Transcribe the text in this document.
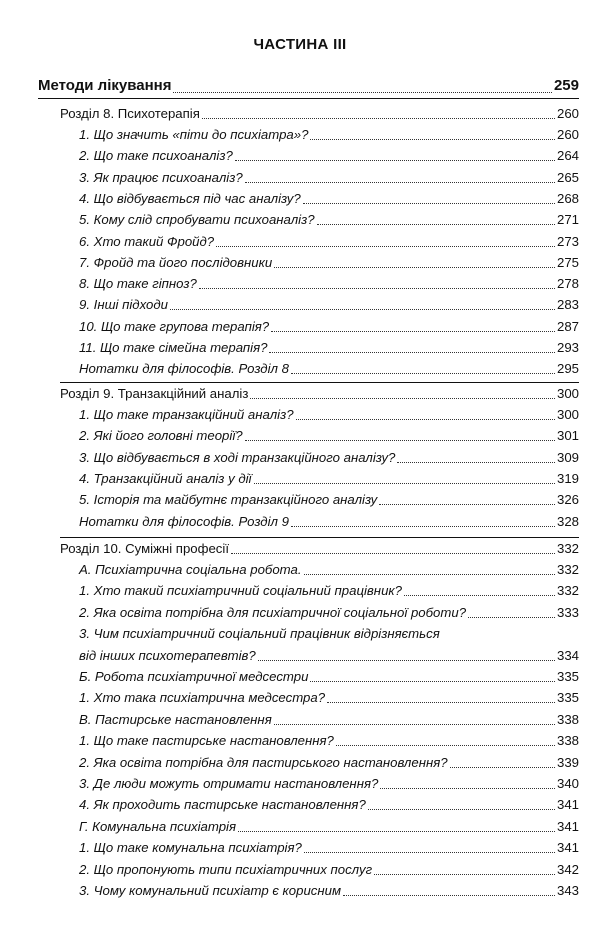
ЧАСТИНА ІІІ
Методи лікування	259
Розділ 8. Психотерапія	260
1. Що значить «піти до психіатра»?	260
2. Що таке психоаналіз?	264
3. Як працює психоаналіз?	265
4. Що відбувається під час аналізу?	268
5. Кому слід спробувати психоаналіз?	271
6. Хто такий Фройд?	273
7. Фройд та його послідовники	275
8. Що таке гіпноз?	278
9. Інші підходи	283
10. Що таке групова терапія?	287
11. Що таке сімейна терапія?	293
Нотатки для філософів. Розділ 8	295
Розділ 9. Транзакційний аналіз	300
1. Що таке транзакційний аналіз?	300
2. Які його головні теорії?	301
3. Що відбувається в ході транзакційного аналізу?	309
4. Транзакційний аналіз у дії	319
5. Історія та майбутнє транзакційного аналізу	326
Нотатки для філософів. Розділ 9	328
Розділ 10. Суміжні професії	332
А. Психіатрична соціальна робота.	332
1. Хто такий психіатричний соціальний працівник?	332
2. Яка освіта потрібна для психіатричної соціальної роботи?	333
3. Чим психіатричний соціальний працівник відрізняється
від інших психотерапевтів?	334
Б. Робота психіатричної медсестри	335
1. Хто така психіатрична медсестра?	335
В. Пастирське настановлення	338
1. Що таке пастирське настановлення?	338
2. Яка освіта потрібна для пастирського настановлення?	339
3. Де люди можуть отримати настановлення?	340
4. Як проходить пастирське настановлення?	341
Г. Комунальна психіатрія	341
1. Що таке комунальна психіатрія?	341
2. Що пропонують типи психіатричних послуг	342
3. Чому комунальний психіатр є корисним	343
